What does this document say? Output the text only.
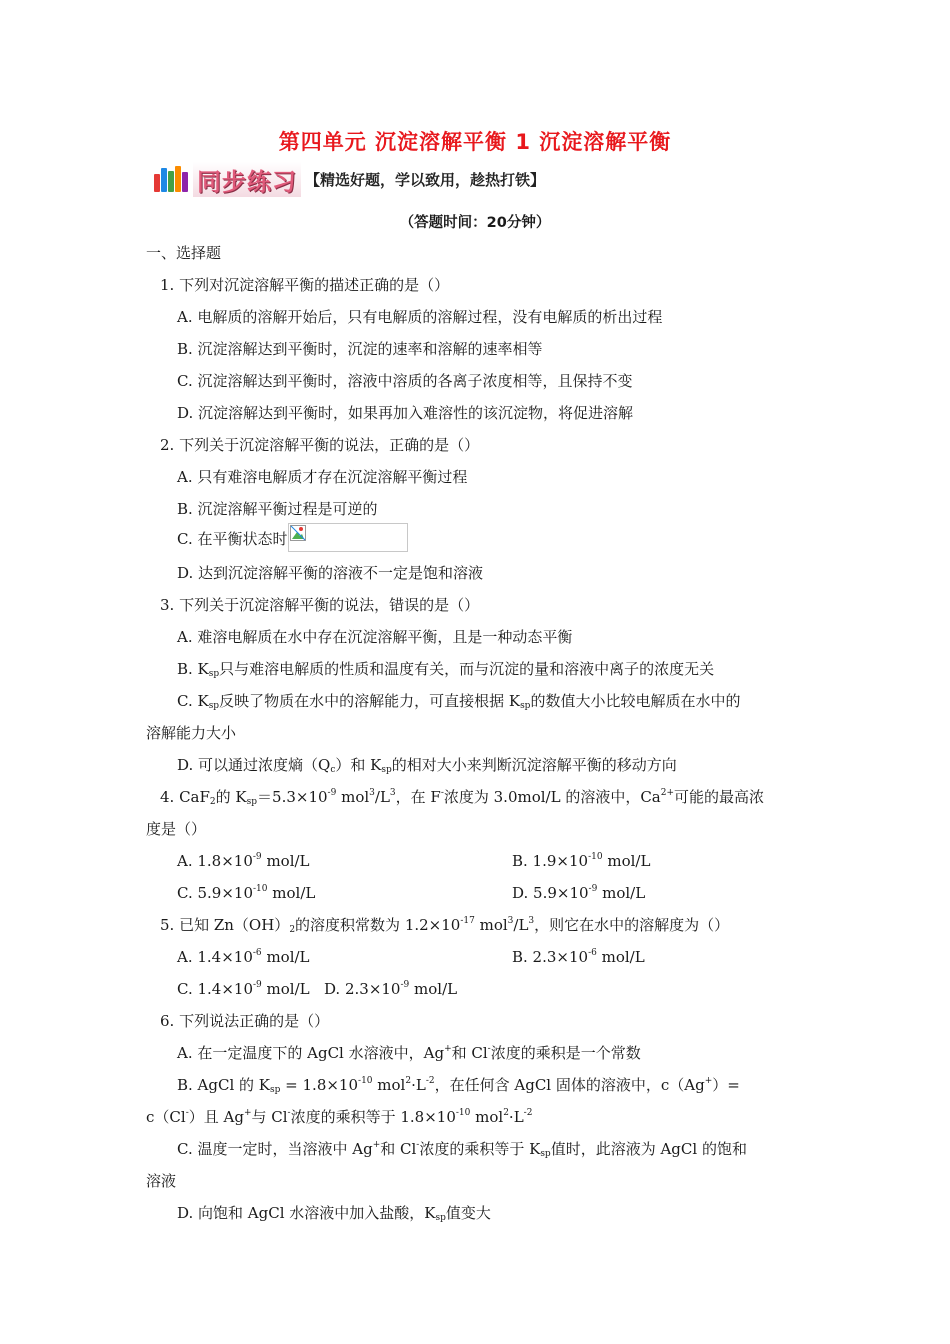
第四单元 沉淀溶解平衡 1 沉淀溶解平衡
同步练习 【精选好题，学以致用，趁热打铁】
（答题时间：20分钟）
一、选择题
1. 下列对沉淀溶解平衡的描述正确的是（）
A. 电解质的溶解开始后，只有电解质的溶解过程，没有电解质的析出过程
B. 沉淀溶解达到平衡时，沉淀的速率和溶解的速率相等
C. 沉淀溶解达到平衡时，溶液中溶质的各离子浓度相等，且保持不变
D. 沉淀溶解达到平衡时，如果再加入难溶性的该沉淀物，将促进溶解
2. 下列关于沉淀溶解平衡的说法，正确的是（）
A. 只有难溶电解质才存在沉淀溶解平衡过程
B. 沉淀溶解平衡过程是可逆的
C. 在平衡状态时
D. 达到沉淀溶解平衡的溶液不一定是饱和溶液
3. 下列关于沉淀溶解平衡的说法，错误的是（）
A. 难溶电解质在水中存在沉淀溶解平衡，且是一种动态平衡
B. $K_{sp}$只与难溶电解质的性质和温度有关，而与沉淀的量和溶液中离子的浓度无关
C. $K_{sp}$反映了物质在水中的溶解能力，可直接根据 $K_{sp}$的数值大小比较电解质在水中的
溶解能力大小
D. 可以通过浓度熵$(Q_c)$和 $K_{sp}$的相对大小来判断沉淀溶解平衡的移动方向
4. CaF$_2$的 $K_{sp}=5.3\times 10^{-9}$ $mol^3/L^3$，在 F-浓度为 3.0mol/L 的溶液中，$Ca^{2+}$可能的最高浓
度是（）
A. $1.8\times 10^{-9}$ mol/L	B. $1.9\times 10^{-10}$ mol/L
C. $5.9\times 10^{-10}$ mol/L	D. $5.9\times 10^{-9}$ mol/L
5. 已知 $Zn(OH)_2$的溶度积常数为 $1.2\times 10^{-17}$ $mol^3/L^3$，则它在水中的溶解度为（）
A. $1.4\times 10^{-6}$ mol/L	B. $2.3\times 10^{-6}$ mol/L
C. $1.4\times 10^{-9}$ mol/L D. $2.3\times 10^{-9}$ mol/L
6. 下列说法正确的是（）
A. 在一定温度下的 AgCl 水溶液中，Ag+和 Cl-浓度的乘积是一个常数
B. AgCl 的 $K_{sp} = 1.8\times 10^{-10}$ $mol^2\cdot L^{-2}$，在任何含 AgCl 固体的溶液中，c（Ag+）=
c（Cl-）且 Ag+与 Cl-浓度的乘积等于 $1.8\times 10^{-10}$ $mol^2\cdot L^{-2}$
C. 温度一定时，当溶液中 Ag+和 Cl-浓度的乘积等于 $K_{sp}$值时，此溶液为 AgCl 的饱和
溶液
D. 向饱和 AgCl 水溶液中加入盐酸，$K_{sp}$值变大
